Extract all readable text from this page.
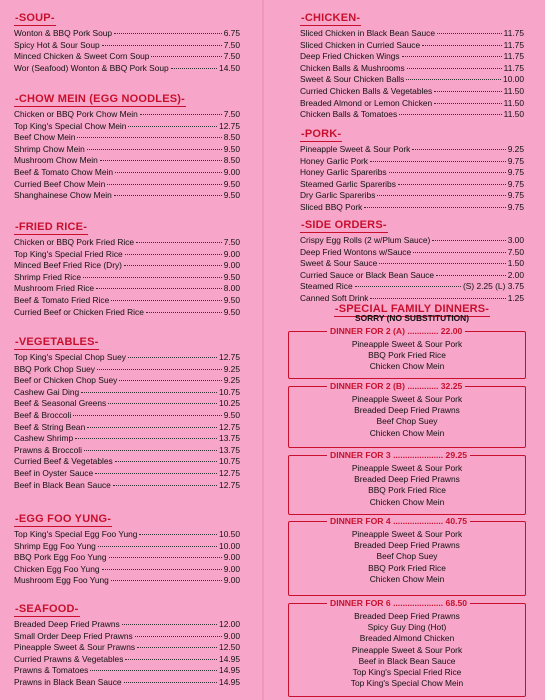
-SOUP-
Wonton & BBQ Pork Soup	6.75
Spicy Hot & Sour Soup	7.50
Minced Chicken & Sweet Corn Soup	7.50
Wor (Seafood) Wonton & BBQ Pork Soup	14.50
-CHOW MEIN (EGG NOODLES)-
Chicken or BBQ Pork Chow Mein	7.50
Top King's Special Chow Mein	12.75
Beef Chow Mein	8.50
Shrimp Chow Mein	9.50
Mushroom Chow Mein	8.50
Beef & Tomato Chow Mein	9.00
Curried Beef Chow Mein	9.50
Shanghainese Chow Mein	9.50
-FRIED RICE-
Chicken or BBQ Pork Fried Rice	7.50
Top King's Special Fried Rice	9.00
Minced Beef Fried Rice (Dry)	9.00
Shrimp Fried Rice	9.50
Mushroom Fried Rice	8.00
Beef & Tomato Fried Rice	9.50
Curried Beef or Chicken Fried Rice	9.50
-VEGETABLES-
Top King's Special Chop Suey	12.75
BBQ Pork Chop Suey	9.25
Beef or Chicken Chop Suey	9.25
Cashew Gai Ding	10.75
Beef & Seasonal Greens	10.25
Beef & Broccoli	9.50
Beef & String Bean	12.75
Cashew Shrimp	13.75
Prawns & Broccoli	13.75
Curried Beef & Vegetables	10.75
Beef in Oyster Sauce	12.75
Beef in Black Bean Sauce	12.75
-EGG FOO YUNG-
Top King's Special Egg Foo Yung	10.50
Shrimp Egg Foo Yung	10.00
BBQ Pork Egg Foo Yung	9.00
Chicken Egg Foo Yung	9.00
Mushroom Egg Foo Yung	9.00
-SEAFOOD-
Breaded Deep Fried Prawns	12.00
Small Order Deep Fried Prawns	9.00
Pineapple Sweet & Sour Prawns	12.50
Curried Prawns & Vegetables	14.95
Prawns & Tomatoes	14.95
Prawns in Black Bean Sauce	14.95
-CHICKEN-
Sliced Chicken in Black Bean Sauce	11.75
Sliced Chicken in Curried Sauce	11.75
Deep Fried Chicken Wings	11.75
Chicken Balls & Mushrooms	11.75
Sweet & Sour Chicken Balls	10.00
Curried Chicken Balls & Vegetables	11.50
Breaded Almond or Lemon Chicken	11.50
Chicken Balls & Tomatoes	11.50
-PORK-
Pineapple Sweet & Sour Pork	9.25
Honey Garlic Pork	9.75
Honey Garlic Spareribs	9.75
Steamed Garlic Spareribs	9.75
Dry Garlic Spareribs	9.75
Sliced BBQ Pork	9.75
-SIDE ORDERS-
Crispy Egg Rolls (2 w/Plum Sauce)	3.00
Deep Fried Wontons w/Sauce	7.50
Sweet & Sour Sauce	1.50
Curried Sauce or Black Bean Sauce	2.00
Steamed Rice	(S) 2.25 (L) 3.75
Canned Soft Drink	1.25
-SPECIAL FAMILY DINNERS-
SORRY (NO SUBSTITUTION)
DINNER FOR 2 (A) ............. 22.00
Pineapple Sweet & Sour Pork
BBQ Pork Fried Rice
Chicken Chow Mein
DINNER FOR 2 (B) ............. 32.25
Pineapple Sweet & Sour Pork
Breaded Deep Fried Prawns
Beef Chop Suey
Chicken Chow Mein
DINNER FOR 3 ..................... 29.25
Pineapple Sweet & Sour Pork
Breaded Deep Fried Prawns
BBQ Pork Fried Rice
Chicken Chow Mein
DINNER FOR 4 ..................... 40.75
Pineapple Sweet & Sour Pork
Breaded Deep Fried Prawns
Beef Chop Suey
BBQ Pork Fried Rice
Chicken Chow Mein
DINNER FOR 6 ..................... 68.50
Breaded Deep Fried Prawns
Spicy Guy Ding (Hot)
Breaded Almond Chicken
Pineapple Sweet & Sour Pork
Beef in Black Bean Sauce
Top King's Special Fried Rice
Top King's Special Chow Mein
